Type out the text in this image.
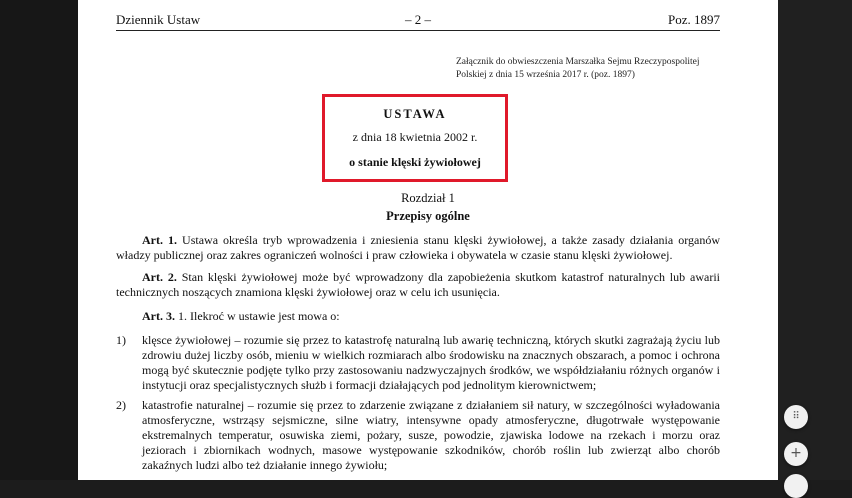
Dziennik Ustaw	– 2 –	Poz. 1897
Załącznik do obwieszczenia Marszałka Sejmu Rzeczypospolitej
Polskiej z dnia 15 września 2017 r. (poz. 1897)
USTAWA
z dnia 18 kwietnia 2002 r.
o stanie klęski żywiołowej
Rozdział 1
Przepisy ogólne
Art. 1. Ustawa określa tryb wprowadzenia i zniesienia stanu klęski żywiołowej, a także zasady działania organów władzy publicznej oraz zakres ograniczeń wolności i praw człowieka i obywatela w czasie stanu klęski żywiołowej.
Art. 2. Stan klęski żywiołowej może być wprowadzony dla zapobieżenia skutkom katastrof naturalnych lub awarii technicznych noszących znamiona klęski żywiołowej oraz w celu ich usunięcia.
Art. 3. 1. Ilekroć w ustawie jest mowa o:
1) klęsce żywiołowej – rozumie się przez to katastrofę naturalną lub awarię techniczną, których skutki zagrażają życiu lub zdrowiu dużej liczby osób, mieniu w wielkich rozmiarach albo środowisku na znacznych obszarach, a pomoc i ochrona mogą być skutecznie podjęte tylko przy zastosowaniu nadzwyczajnych środków, we współdziałaniu różnych organów i instytucji oraz specjalistycznych służb i formacji działających pod jednolitym kierownictwem;
2) katastrofie naturalnej – rozumie się przez to zdarzenie związane z działaniem sił natury, w szczególności wyładowania atmosferyczne, wstrząsy sejsmiczne, silne wiatry, intensywne opady atmosferyczne, długotrwałe występowanie ekstremalnych temperatur, osuwiska ziemi, pożary, susze, powodzie, zjawiska lodowe na rzekach i morzu oraz jeziorach i zbiornikach wodnych, masowe występowanie szkodników, chorób roślin lub zwierząt albo chorób zakaźnych ludzi albo też działanie innego żywiołu;
⠿
+
